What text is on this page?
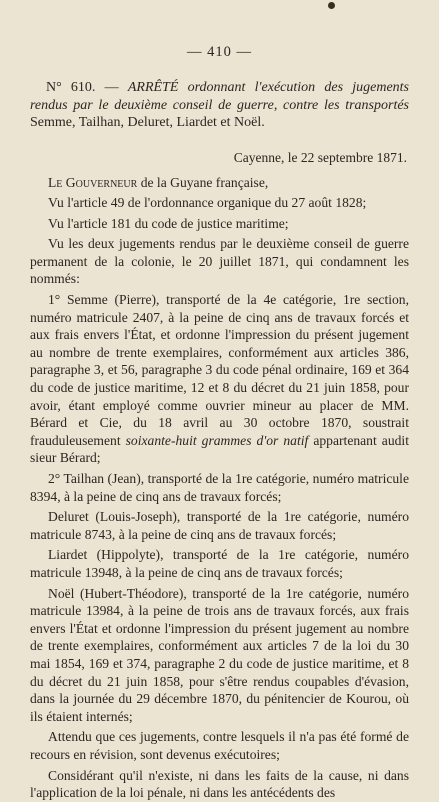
— 410 —
N° 610. — ARRÊTÉ ordonnant l'exécution des jugements rendus par le deuxième conseil de guerre, contre les transportés Semme, Tailhan, Deluret, Liardet et Noël.
Cayenne, le 22 septembre 1871.

Le Gouverneur de la Guyane française,

Vu l'article 49 de l'ordonnance organique du 27 août 1828;

Vu l'article 181 du code de justice maritime;

Vu les deux jugements rendus par le deuxième conseil de guerre permanent de la colonie, le 20 juillet 1871, qui condamnent les nommés:

1° Semme (Pierre), transporté de la 4e catégorie, 1re section, numéro matricule 2407, à la peine de cinq ans de travaux forcés et aux frais envers l'État, et ordonne l'impression du présent jugement au nombre de trente exemplaires, conformément aux articles 386, paragraphe 3, et 56, paragraphe 3 du code pénal ordinaire, 169 et 364 du code de justice maritime, 12 et 8 du décret du 21 juin 1858, pour avoir, étant employé comme ouvrier mineur au placer de MM. Bérard et Cie, du 18 avril au 30 octobre 1870, soustrait frauduleusement soixante-huit grammes d'or natif appartenant audit sieur Bérard;

2° Tailhan (Jean), transporté de la 1re catégorie, numéro matricule 8394, à la peine de cinq ans de travaux forcés;

Deluret (Louis-Joseph), transporté de la 1re catégorie, numéro matricule 8743, à la peine de cinq ans de travaux forcés;

Liardet (Hippolyte), transporté de la 1re catégorie, numéro matricule 13948, à la peine de cinq ans de travaux forcés;

Noël (Hubert-Théodore), transporté de la 1re catégorie, numéro matricule 13984, à la peine de trois ans de travaux forcés, aux frais envers l'État et ordonne l'impression du présent jugement au nombre de trente exemplaires, conformément aux articles 7 de la loi du 30 mai 1854, 169 et 374, paragraphe 2 du code de justice maritime, et 8 du décret du 21 juin 1858, pour s'être rendus coupables d'évasion, dans la journée du 29 décembre 1870, du pénitencier de Kourou, où ils étaient internés;

Attendu que ces jugements, contre lesquels il n'a pas été formé de recours en révision, sont devenus exécutoires;

Considérant qu'il n'existe, ni dans les faits de la cause, ni dans l'application de la loi pénale, ni dans les antécédents des
